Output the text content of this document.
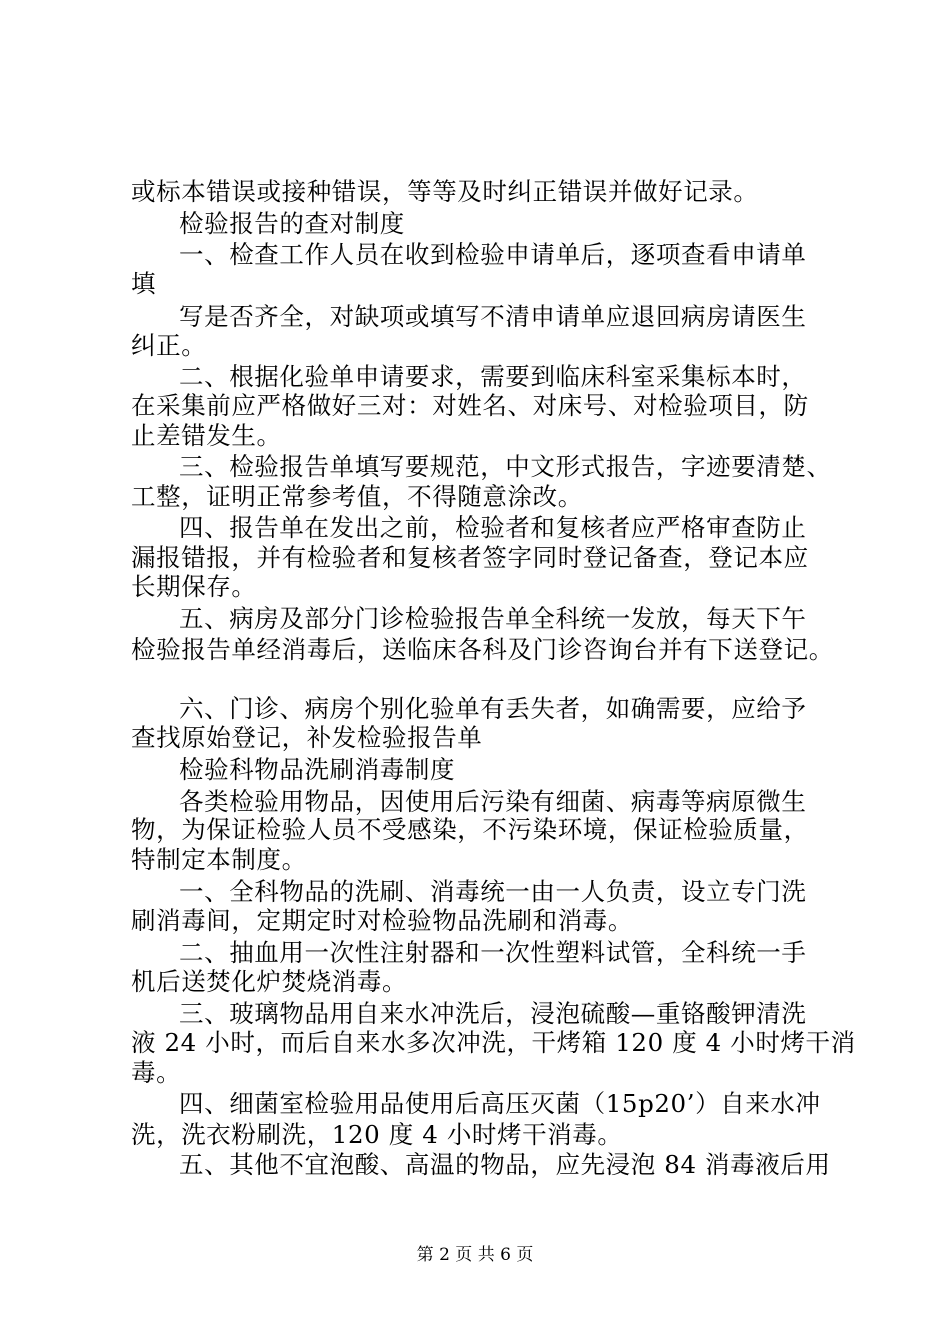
或标本错误或接种错误，等等及时纠正错误并做好记录。
检验报告的查对制度
一、检查工作人员在收到检验申请单后，逐项查看申请单
填
写是否齐全，对缺项或填写不清申请单应退回病房请医生
纠正。
二、根据化验单申请要求，需要到临床科室采集标本时，
在采集前应严格做好三对：对姓名、对床号、对检验项目，防
止差错发生。
三、检验报告单填写要规范，中文形式报告，字迹要清楚、
工整，证明正常参考值，不得随意涂改。
四、报告单在发出之前，检验者和复核者应严格审查防止
漏报错报，并有检验者和复核者签字同时登记备查，登记本应
长期保存。
五、病房及部分门诊检验报告单全科统一发放，每天下午
检验报告单经消毒后，送临床各科及门诊咨询台并有下送登记。
六、门诊、病房个别化验单有丢失者，如确需要，应给予
查找原始登记，补发检验报告单
检验科物品洗刷消毒制度
各类检验用物品，因使用后污染有细菌、病毒等病原微生
物，为保证检验人员不受感染，不污染环境，保证检验质量，
特制定本制度。
一、全科物品的洗刷、消毒统一由一人负责，设立专门洗
刷消毒间，定期定时对检验物品洗刷和消毒。
二、抽血用一次性注射器和一次性塑料试管，全科统一手
机后送焚化炉焚烧消毒。
三、玻璃物品用自来水冲洗后，浸泡硫酸—重铬酸钾清洗
液 24 小时，而后自来水多次冲洗，干烤箱 120 度 4 小时烤干消
毒。
四、细菌室检验用品使用后高压灭菌（15p20’）自来水冲
洗，洗衣粉刷洗，120 度 4 小时烤干消毒。
五、其他不宜泡酸、高温的物品，应先浸泡 84 消毒液后用
第 2 页 共 6 页
